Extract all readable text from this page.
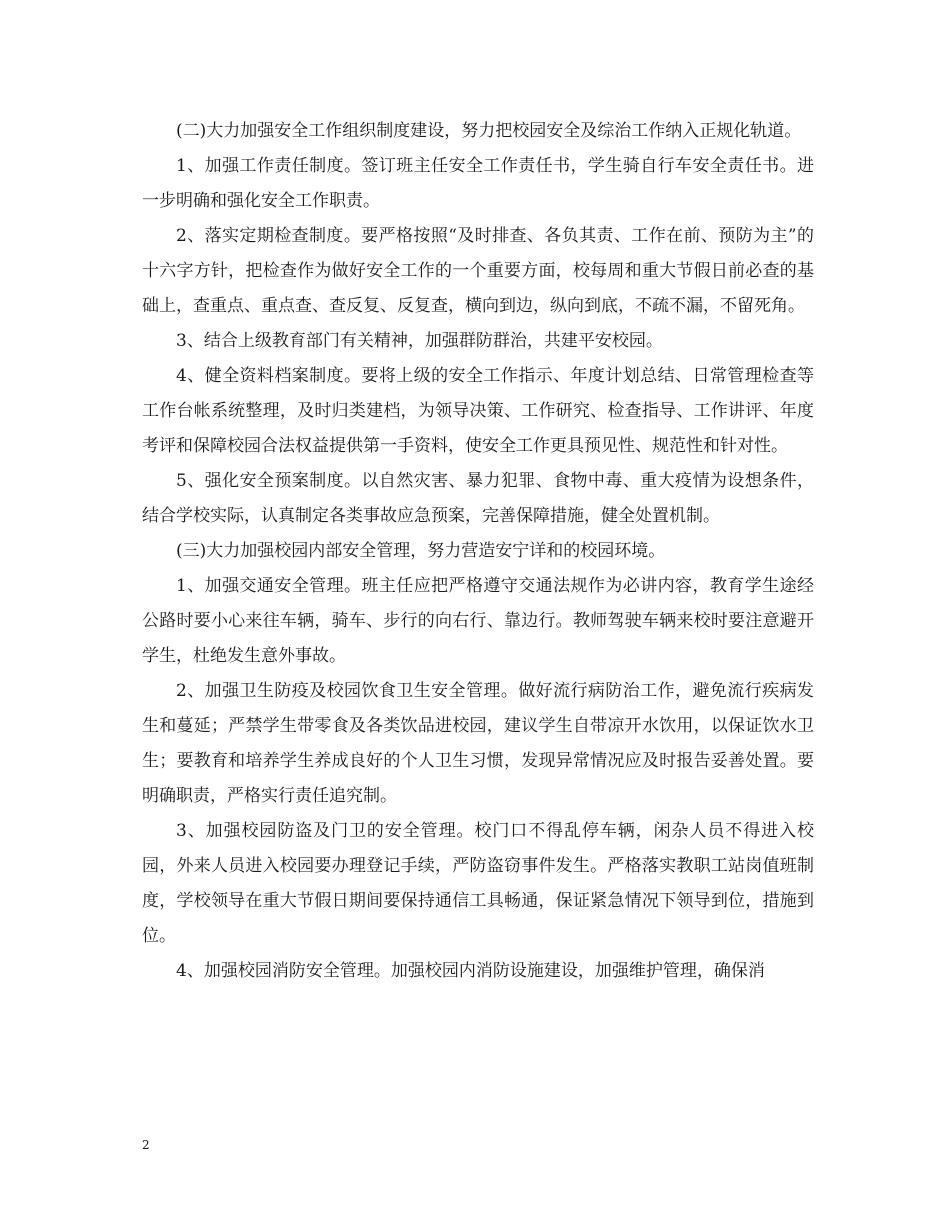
(二)大力加强安全工作组织制度建设，努力把校园安全及综治工作纳入正规化轨道。

1、加强工作责任制度。签订班主任安全工作责任书，学生骑自行车安全责任书。进一步明确和强化安全工作职责。

2、落实定期检查制度。要严格按照“及时排查、各负其责、工作在前、预防为主”的十六字方针，把检查作为做好安全工作的一个重要方面，校每周和重大节假日前必查的基础上，查重点、重点查、查反复、反复查，横向到边，纵向到底，不疏不漏，不留死角。

3、结合上级教育部门有关精神，加强群防群治，共建平安校园。

4、健全资料档案制度。要将上级的安全工作指示、年度计划总结、日常管理检查等工作台帐系统整理，及时归类建档，为领导决策、工作研究、检查指导、工作讲评、年度考评和保障校园合法权益提供第一手资料，使安全工作更具预见性、规范性和针对性。

5、强化安全预案制度。以自然灾害、暴力犯罪、食物中毒、重大疫情为设想条件，结合学校实际，认真制定各类事故应急预案，完善保障措施，健全处置机制。

(三)大力加强校园内部安全管理，努力营造安宁详和的校园环境。

1、加强交通安全管理。班主任应把严格遵守交通法规作为必讲内容，教育学生途经公路时要小心来往车辆，骑车、步行的向右行、靠边行。教师驾驶车辆来校时要注意避开学生，杜绝发生意外事故。

2、加强卫生防疫及校园饮食卫生安全管理。做好流行病防治工作，避免流行疾病发生和蔓延；严禁学生带零食及各类饮品进校园，建议学生自带凉开水饮用，以保证饮水卫生；要教育和培养学生养成良好的个人卫生习惯，发现异常情况应及时报告妥善处置。要明确职责，严格实行责任追究制。

3、加强校园防盗及门卫的安全管理。校门口不得乱停车辆，闲杂人员不得进入校园，外来人员进入校园要办理登记手续，严防盗窃事件发生。严格落实教职工站岗值班制度，学校领导在重大节假日期间要保持通信工具畅通，保证紧急情况下领导到位，措施到位。

4、加强校园消防安全管理。加强校园内消防设施建设，加强维护管理，确保消

2
